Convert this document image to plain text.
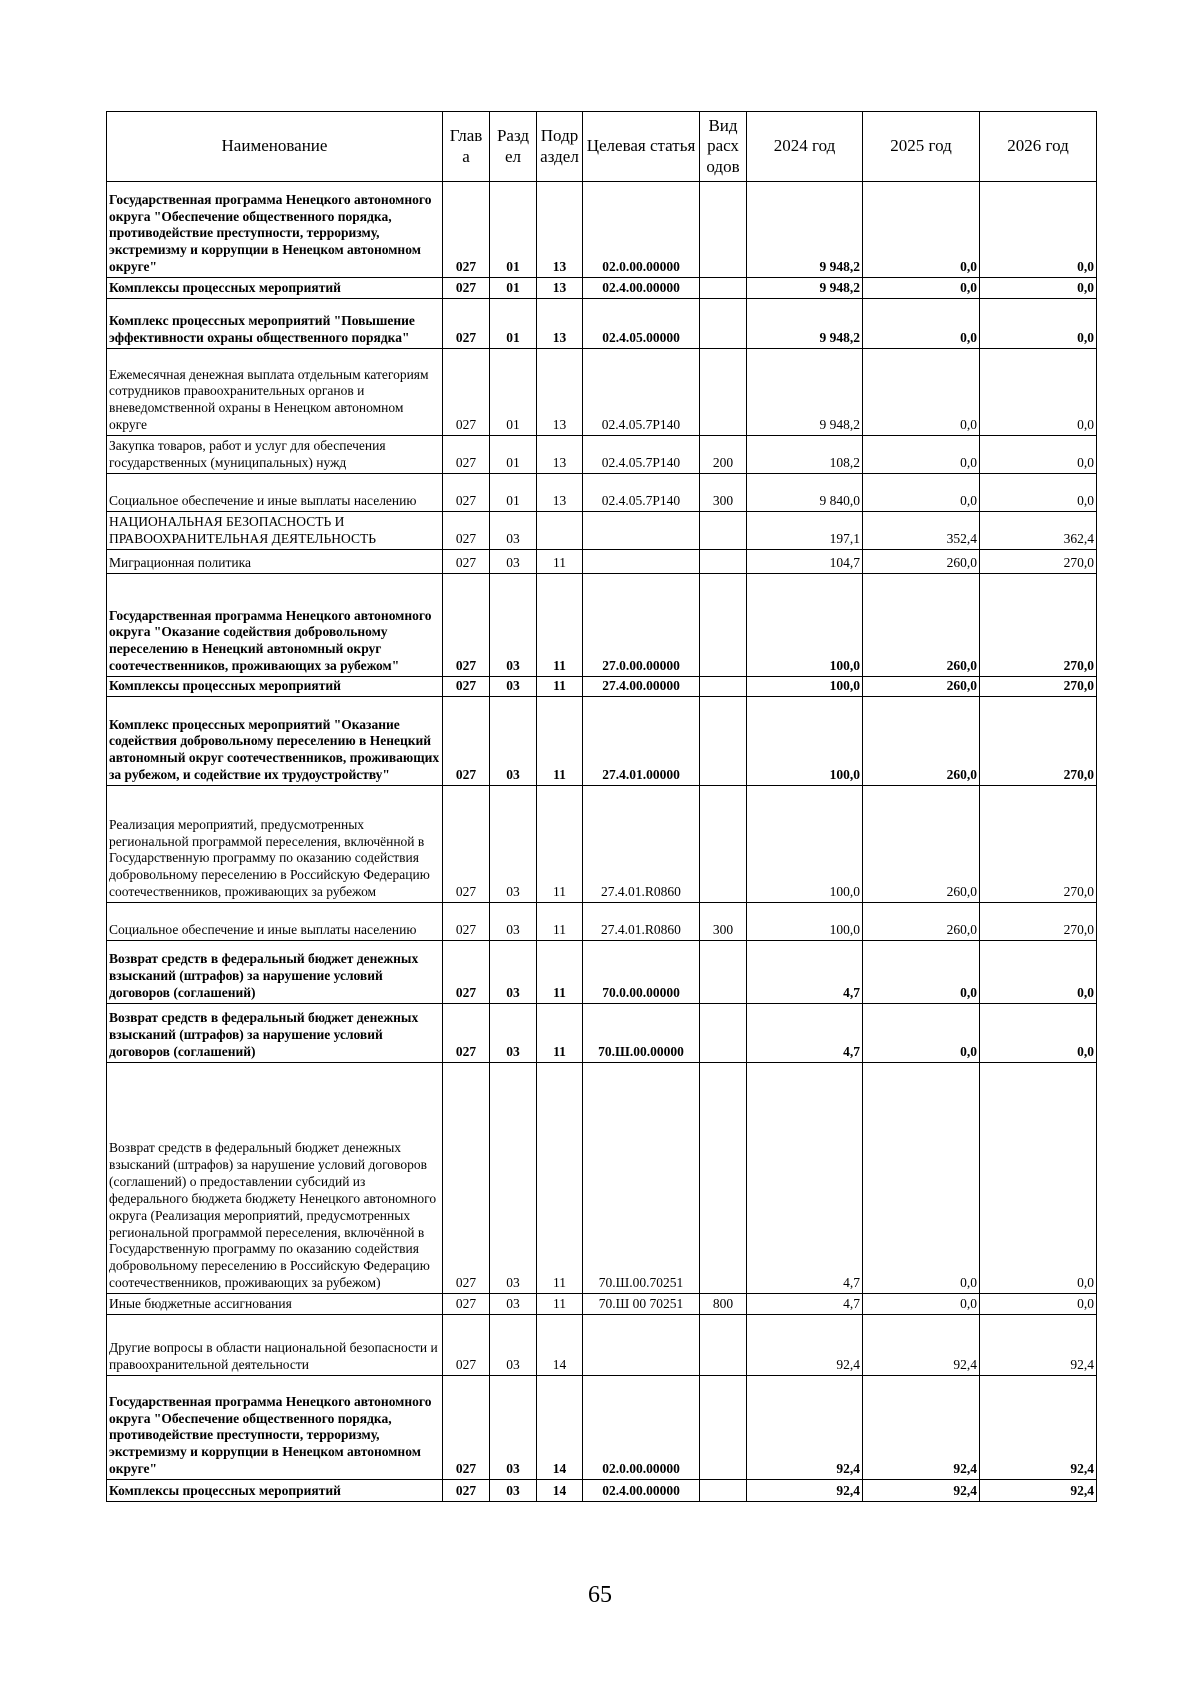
Наименование	Глав а	Разд ел	Подр аздел	Целевая статья	Вид расх одов	2024 год	2025 год	2026 год
Государственная программа Ненецкого автономного округа "Обеспечение общественного порядка, противодействие преступности, терроризму, экстремизму и коррупции в Ненецком автономном округе"	027	01	13	02.0.00.00000		9 948,2	0,0	0,0
Комплексы процессных мероприятий	027	01	13	02.4.00.00000		9 948,2	0,0	0,0
Комплекс процессных мероприятий "Повышение эффективности охраны общественного порядка"	027	01	13	02.4.05.00000		9 948,2	0,0	0,0
Ежемесячная денежная выплата отдельным категориям сотрудников правоохранительных органов и вневедомственной охраны в Ненецком автономном округе	027	01	13	02.4.05.7Р140		9 948,2	0,0	0,0
Закупка товаров, работ и услуг для обеспечения государственных (муниципальных) нужд	027	01	13	02.4.05.7Р140	200	108,2	0,0	0,0
Социальное обеспечение и иные выплаты населению	027	01	13	02.4.05.7Р140	300	9 840,0	0,0	0,0
НАЦИОНАЛЬНАЯ БЕЗОПАСНОСТЬ И ПРАВООХРАНИТЕЛЬНАЯ ДЕЯТЕЛЬНОСТЬ	027	03				197,1	352,4	362,4
Миграционная политика	027	03	11			104,7	260,0	270,0
Государственная программа Ненецкого автономного округа "Оказание содействия добровольному переселению в Ненецкий автономный округ соотечественников, проживающих за рубежом"	027	03	11	27.0.00.00000		100,0	260,0	270,0
Комплексы процессных мероприятий	027	03	11	27.4.00.00000		100,0	260,0	270,0
Комплекс процессных мероприятий "Оказание содействия добровольному переселению в Ненецкий автономный округ соотечественников, проживающих за рубежом, и содействие их трудоустройству"	027	03	11	27.4.01.00000		100,0	260,0	270,0
Реализация мероприятий, предусмотренных региональной программой переселения, включённой в Государственную программу по оказанию содействия добровольному переселению в Российскую Федерацию соотечественников, проживающих за рубежом	027	03	11	27.4.01.R0860		100,0	260,0	270,0
Социальное обеспечение и иные выплаты населению	027	03	11	27.4.01.R0860	300	100,0	260,0	270,0
Возврат средств в федеральный бюджет денежных взысканий (штрафов) за нарушение условий договоров (соглашений)	027	03	11	70.0.00.00000		4,7	0,0	0,0
Возврат средств в федеральный бюджет денежных взысканий (штрафов) за нарушение условий договоров (соглашений)	027	03	11	70.Ш.00.00000		4,7	0,0	0,0
Возврат средств в федеральный бюджет денежных взысканий (штрафов) за нарушение условий договоров (соглашений) о предоставлении субсидий из федерального бюджета бюджету Ненецкого автономного округа (Реализация мероприятий, предусмотренных региональной программой переселения, включённой в Государственную программу по оказанию содействия добровольному переселению в Российскую Федерацию соотечественников, проживающих за рубежом)	027	03	11	70.Ш.00.70251		4,7	0,0	0,0
Иные бюджетные ассигнования	027	03	11	70.Ш 00 70251	800	4,7	0,0	0,0
Другие вопросы в области национальной безопасности и правоохранительной деятельности	027	03	14			92,4	92,4	92,4
Государственная программа Ненецкого автономного округа "Обеспечение общественного порядка, противодействие преступности, терроризму, экстремизму и коррупции в Ненецком автономном округе"	027	03	14	02.0.00.00000		92,4	92,4	92,4
Комплексы процессных мероприятий	027	03	14	02.4.00.00000		92,4	92,4	92,4
65
